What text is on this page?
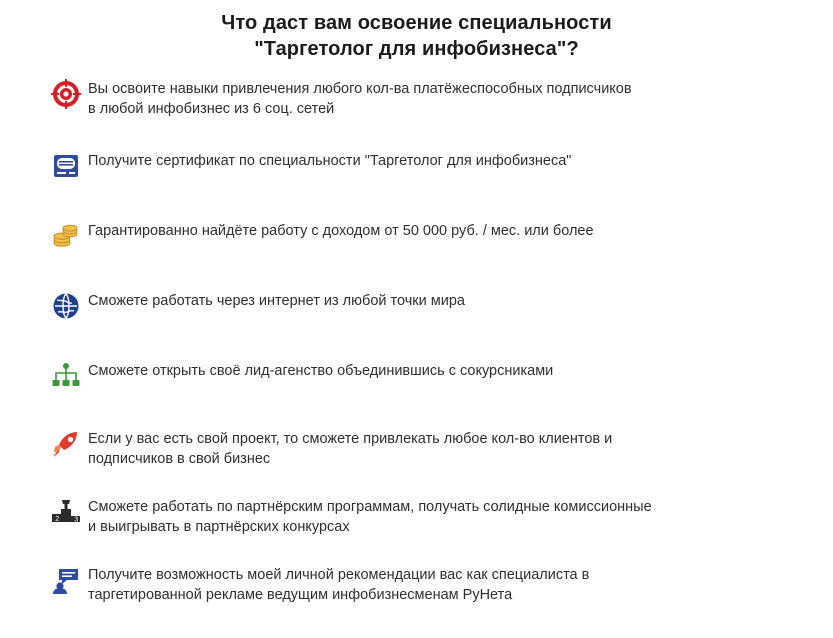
Что даст вам освоение специальности
"Таргетолог для инфобизнеса"?
Вы освоите навыки привлечения любого кол-ва платёжеспособных подписчиков
в любой инфобизнес из 6 соц. сетей
Получите сертификат по специальности "Таргетолог для инфобизнеса"
Гарантированно найдёте работу с доходом от 50 000 руб. / мес. или более
Сможете работать через интернет из любой точки мира
Сможете открыть своё лид-агенство объединившись с сокурсниками
Если у вас есть свой проект, то сможете привлекать любое кол-во клиентов и
подписчиков в свой бизнес
2 3
Сможете работать по партнёрским программам, получать солидные комиссионные
и выигрывать в партнёрских конкурсах
Получите возможность моей личной рекомендации вас как специалиста в
таргетированной рекламе ведущим инфобизнесменам РуНета
